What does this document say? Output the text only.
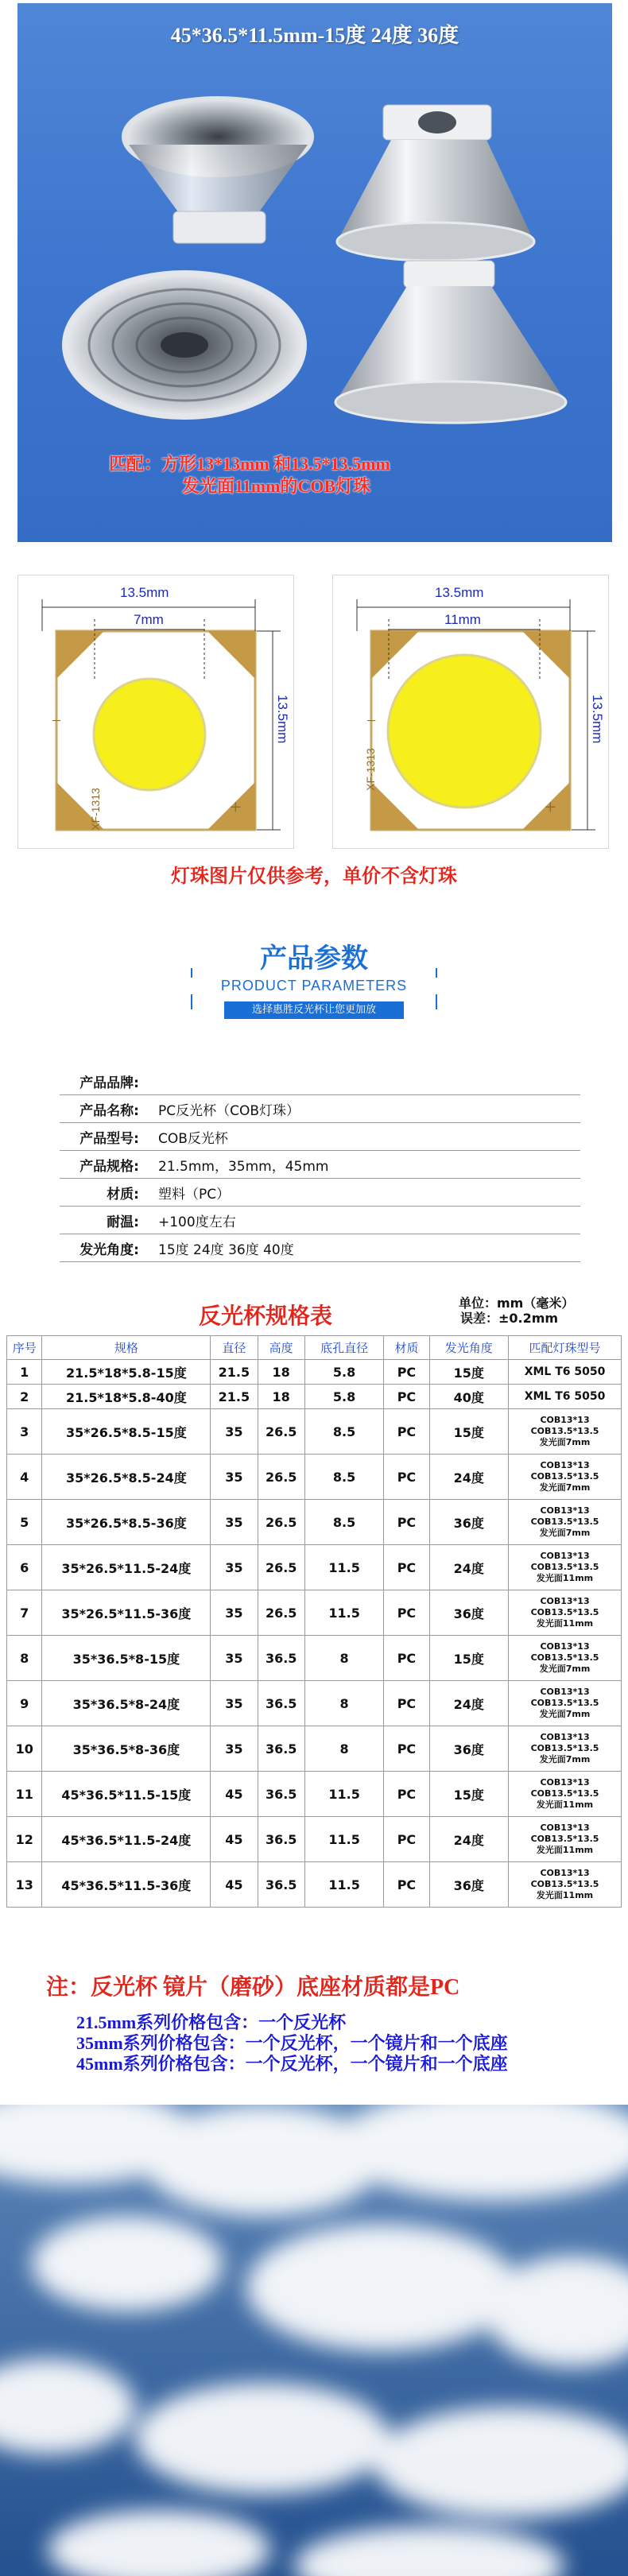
45*36.5*11.5mm-15度 24度 36度
匹配：方形13*13mm 和13.5*13.5mm
发光面11mm的COB灯珠
−
+
13.5mm
7mm
13.5mm
XF-1313
−
+
13.5mm
11mm
13.5mm
XF-1313
灯珠图片仅供参考，单价不含灯珠
产品参数
PRODUCT PARAMETERS
选择惠胜反光杯让您更加放
产品品牌:
产品名称:	PC反光杯（COB灯珠）
产品型号:	COB反光杯
产品规格:	21.5mm，35mm，45mm
材质:	塑料（PC）
耐温:	+100度左右
发光角度:	15度 24度 36度 40度
反光杯规格表	单位：mm（毫米）
误差：±0.2mm
序号	规格	直径	高度	底孔直径	材质	发光角度	匹配灯珠型号
1	21.5*18*5.8-15度	21.5	18	5.8	PC	15度	XML T6 5050

2	21.5*18*5.8-40度	21.5	18	5.8	PC	40度	XML T6 5050

3	35*26.5*8.5-15度	35	26.5	8.5	PC	15度	COB13*13
COB13.5*13.5
发光面7mm

4	35*26.5*8.5-24度	35	26.5	8.5	PC	24度	COB13*13
COB13.5*13.5
发光面7mm

5	35*26.5*8.5-36度	35	26.5	8.5	PC	36度	COB13*13
COB13.5*13.5
发光面7mm

6	35*26.5*11.5-24度	35	26.5	11.5	PC	24度	COB13*13
COB13.5*13.5
发光面11mm

7	35*26.5*11.5-36度	35	26.5	11.5	PC	36度	COB13*13
COB13.5*13.5
发光面11mm

8	35*36.5*8-15度	35	36.5	8	PC	15度	COB13*13
COB13.5*13.5
发光面7mm

9	35*36.5*8-24度	35	36.5	8	PC	24度	COB13*13
COB13.5*13.5
发光面7mm

10	35*36.5*8-36度	35	36.5	8	PC	36度	COB13*13
COB13.5*13.5
发光面7mm

11	45*36.5*11.5-15度	45	36.5	11.5	PC	15度	COB13*13
COB13.5*13.5
发光面11mm

12	45*36.5*11.5-24度	45	36.5	11.5	PC	24度	COB13*13
COB13.5*13.5
发光面11mm

13	45*36.5*11.5-36度	45	36.5	11.5	PC	36度	COB13*13
COB13.5*13.5
发光面11mm
注：反光杯 镜片（磨砂）底座材质都是PC
21.5mm系列价格包含：一个反光杯
35mm系列价格包含：一个反光杯，一个镜片和一个底座
45mm系列价格包含：一个反光杯，一个镜片和一个底座
